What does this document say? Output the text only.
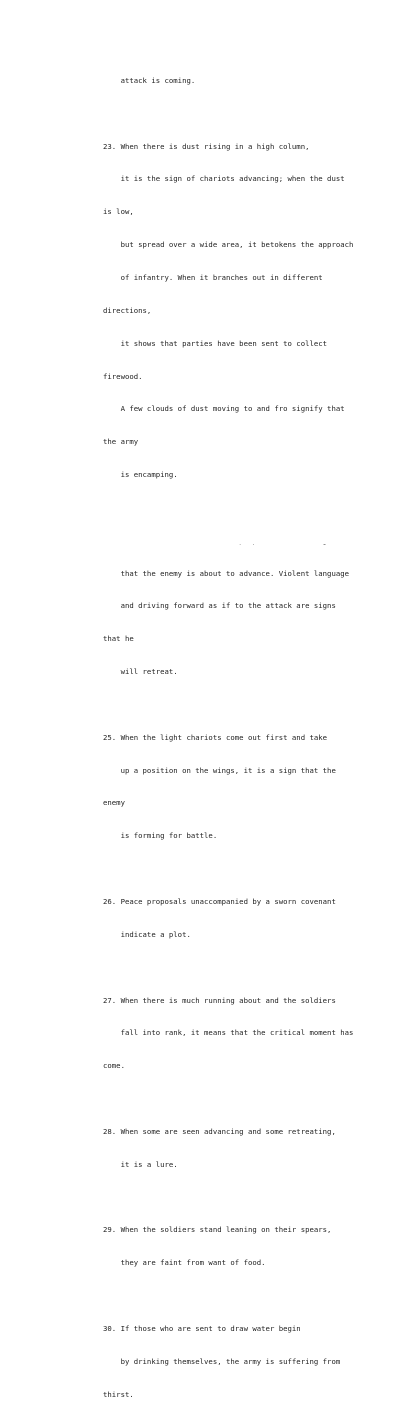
attack is coming.

23. When there is dust rising in a high column,

it is the sign of chariots advancing; when the dust

is low,

but spread over a wide area, it betokens the approach

of infantry. When it branches out in different

directions,

it shows that parties have been sent to collect

firewood.

A few clouds of dust moving to and fro signify that

the army

is encamping.

that the enemy is about to advance. Violent language

and driving forward as if to the attack are signs

that he

will retreat.

25. When the light chariots come out first and take

up a position on the wings, it is a sign that the

enemy

is forming for battle.

26. Peace proposals unaccompanied by a sworn covenant

indicate a plot.

27. When there is much running about and the soldiers

fall into rank, it means that the critical moment has

come.

28. When some are seen advancing and some retreating,

it is a lure.

29. When the soldiers stand leaning on their spears,

they are faint from want of food.

30. If those who are sent to draw water begin

by drinking themselves, the army is suffering from

thirst.
